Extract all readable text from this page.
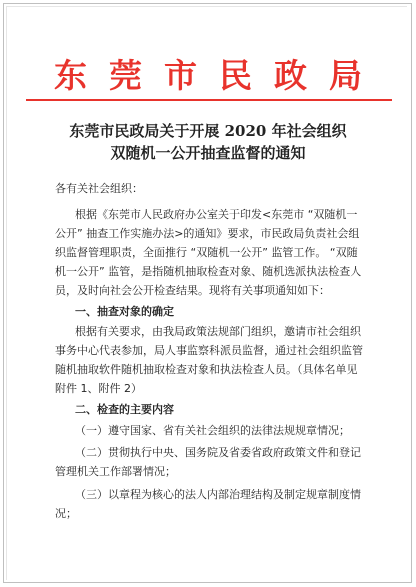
东莞市民政局
东莞市民政局关于开展 2020 年社会组织
双随机一公开抽查监督的通知
各有关社会组织：
根据《东莞市人民政府办公室关于印发<东莞市 “双随机一
公开” 抽查工作实施办法>的通知》要求，市民政局负责社会组
织监督管理职责，全面推行 “双随机一公开” 监管工作。 “双随
机一公开” 监管，是指随机抽取检查对象、随机选派执法检查人
员，及时向社会公开检查结果。现将有关事项通知如下：
一、抽查对象的确定
根据有关要求，由我局政策法规部门组织，邀请市社会组织
事务中心代表参加，局人事监察科派员监督，通过社会组织监管
随机抽取软件随机抽取检查对象和执法检查人员。（具体名单见
附件 1、附件 2）
二、检查的主要内容
（一）遵守国家、省有关社会组织的法律法规规章情况；
（二）贯彻执行中央、国务院及省委省政府政策文件和登记
管理机关工作部署情况；
（三）以章程为核心的法人内部治理结构及制定规章制度情
况；
